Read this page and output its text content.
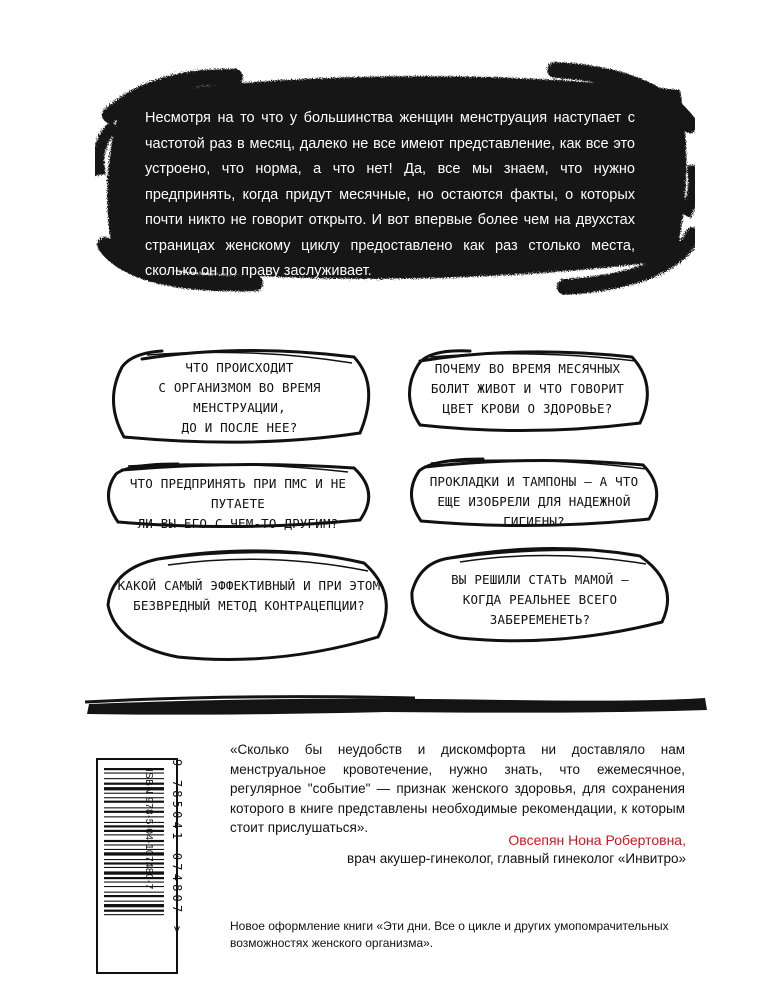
Несмотря на то что у большинства женщин менструация наступает с частотой раз в месяц, далеко не все имеют представление, как все это устроено, что норма, а что нет! Да, все мы знаем, что нужно предпринять, когда придут месячные, но остаются факты, о которых почти никто не говорит открыто. И вот впервые более чем на двухстах страницах женскому циклу предоставлено как раз столько места, сколько он по праву заслуживает.

ЧТО ПРОИСХОДИТ
С ОРГАНИЗМОМ ВО ВРЕМЯ МЕНСТРУАЦИИ,
ДО И ПОСЛЕ НЕЕ?

ПОЧЕМУ ВО ВРЕМЯ МЕСЯЧНЫХ
БОЛИТ ЖИВОТ И ЧТО ГОВОРИТ
ЦВЕТ КРОВИ О ЗДОРОВЬЕ?

ЧТО ПРЕДПРИНЯТЬ ПРИ ПМС И НЕ ПУТАЕТЕ
ЛИ ВЫ ЕГО С ЧЕМ-ТО ДРУГИМ?

ПРОКЛАДКИ И ТАМПОНЫ — А ЧТО
ЕЩЕ ИЗОБРЕЛИ ДЛЯ НАДЕЖНОЙ ГИГИЕНЫ?

КАКОЙ САМЫЙ ЭФФЕКТИВНЫЙ И ПРИ ЭТОМ
БЕЗВРЕДНЫЙ МЕТОД КОНТРАЦЕПЦИИ?

ВЫ РЕШИЛИ СТАТЬ МАМОЙ —
КОГДА РЕАЛЬНЕЕ ВСЕГО ЗАБЕРЕМЕНЕТЬ?

ISBN 978-5-04-107480-7 9 785041 074807 >

«Сколько бы неудобств и дискомфорта ни доставляло нам менструальное кровотечение, нужно знать, что ежемесячное, регулярное "событие" — признак женского здоровья, для сохранения которого в книге представлены необходимые рекомендации, к которым стоит прислушаться».

Овсепян Нона Робертовна,

врач акушер-гинеколог, главный гинеколог «Инвитро»

Новое оформление книги «Эти дни. Все о цикле и других умопомрачительных возможностях женского организма».
